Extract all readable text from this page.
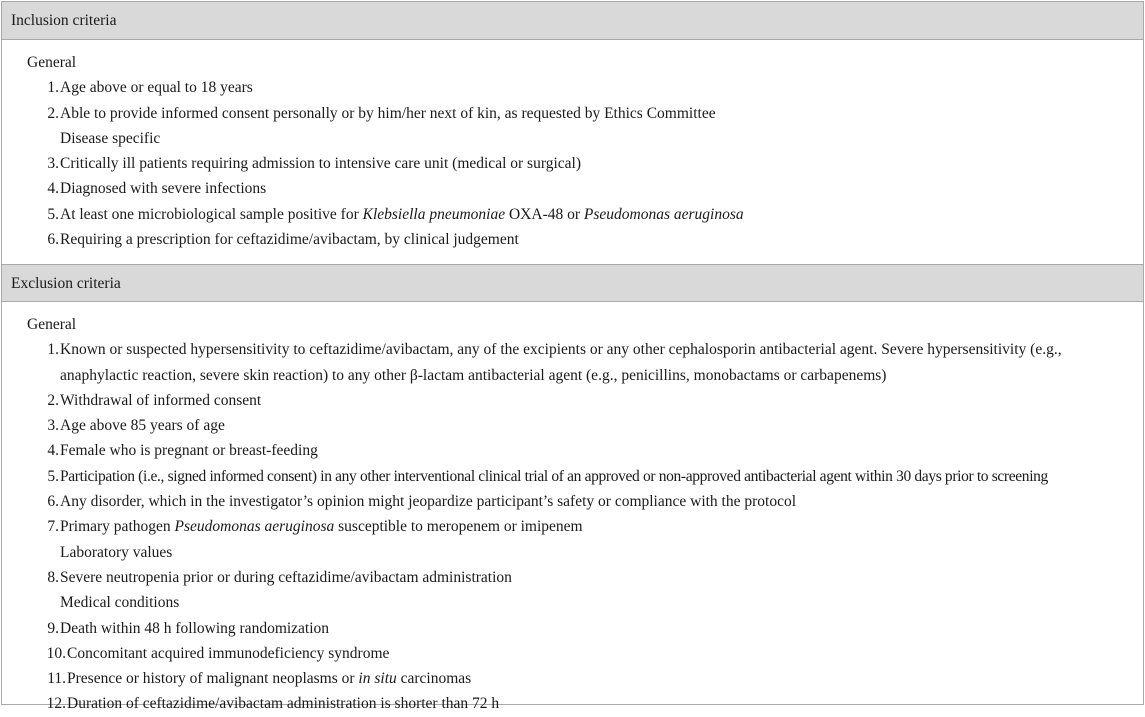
Inclusion criteria
General
1. Age above or equal to 18 years
2. Able to provide informed consent personally or by him/her next of kin, as requested by Ethics Committee
Disease specific
3. Critically ill patients requiring admission to intensive care unit (medical or surgical)
4. Diagnosed with severe infections
5. At least one microbiological sample positive for Klebsiella pneumoniae OXA-48 or Pseudomonas aeruginosa
6. Requiring a prescription for ceftazidime/avibactam, by clinical judgement
Exclusion criteria
General
1. Known or suspected hypersensitivity to ceftazidime/avibactam, any of the excipients or any other cephalosporin antibacterial agent. Severe hypersensitivity (e.g., anaphylactic reaction, severe skin reaction) to any other β-lactam antibacterial agent (e.g., penicillins, monobactams or carbapenems)
2. Withdrawal of informed consent
3. Age above 85 years of age
4. Female who is pregnant or breast-feeding
5. Participation (i.e., signed informed consent) in any other interventional clinical trial of an approved or non-approved antibacterial agent within 30 days prior to screening
6. Any disorder, which in the investigator’s opinion might jeopardize participant’s safety or compliance with the protocol
7. Primary pathogen Pseudomonas aeruginosa susceptible to meropenem or imipenem
Laboratory values
8. Severe neutropenia prior or during ceftazidime/avibactam administration
Medical conditions
9. Death within 48 h following randomization
10. Concomitant acquired immunodeficiency syndrome
11. Presence or history of malignant neoplasms or in situ carcinomas
12. Duration of ceftazidime/avibactam administration is shorter than 72 h
